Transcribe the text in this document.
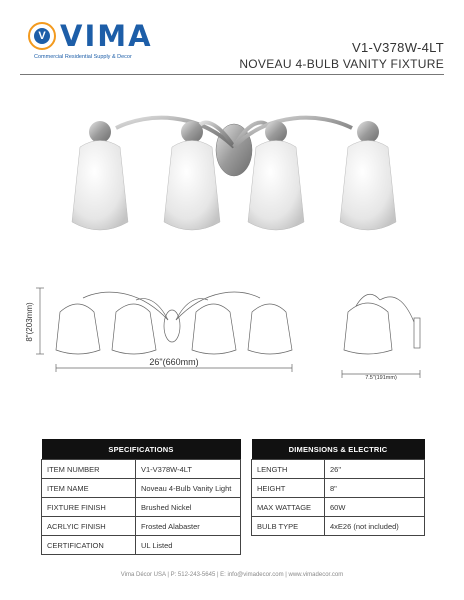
V VIMA
Commercial Residential Supply & Decor
V1-V378W-4LT
NOVEAU 4-BULB VANITY FIXTURE
8"(203mm)
26"(660mm)
7.5"(191mm)
SPECIFICATIONS	
ITEM NUMBER	V1-V378W-4LT
ITEM NAME	Noveau 4-Bulb Vanity Light
FIXTURE FINISH	Brushed Nickel
ACRLYIC FINISH	Frosted Alabaster
CERTIFICATION	UL Listed
DIMENSIONS & ELECTRIC	
LENGTH	26"
HEIGHT	8"
MAX WATTAGE	60W
BULB TYPE	4xE26 (not included)
Vima Décor USA | P: 512-243-5645 | E: info@vimadecor.com | www.vimadecor.com
